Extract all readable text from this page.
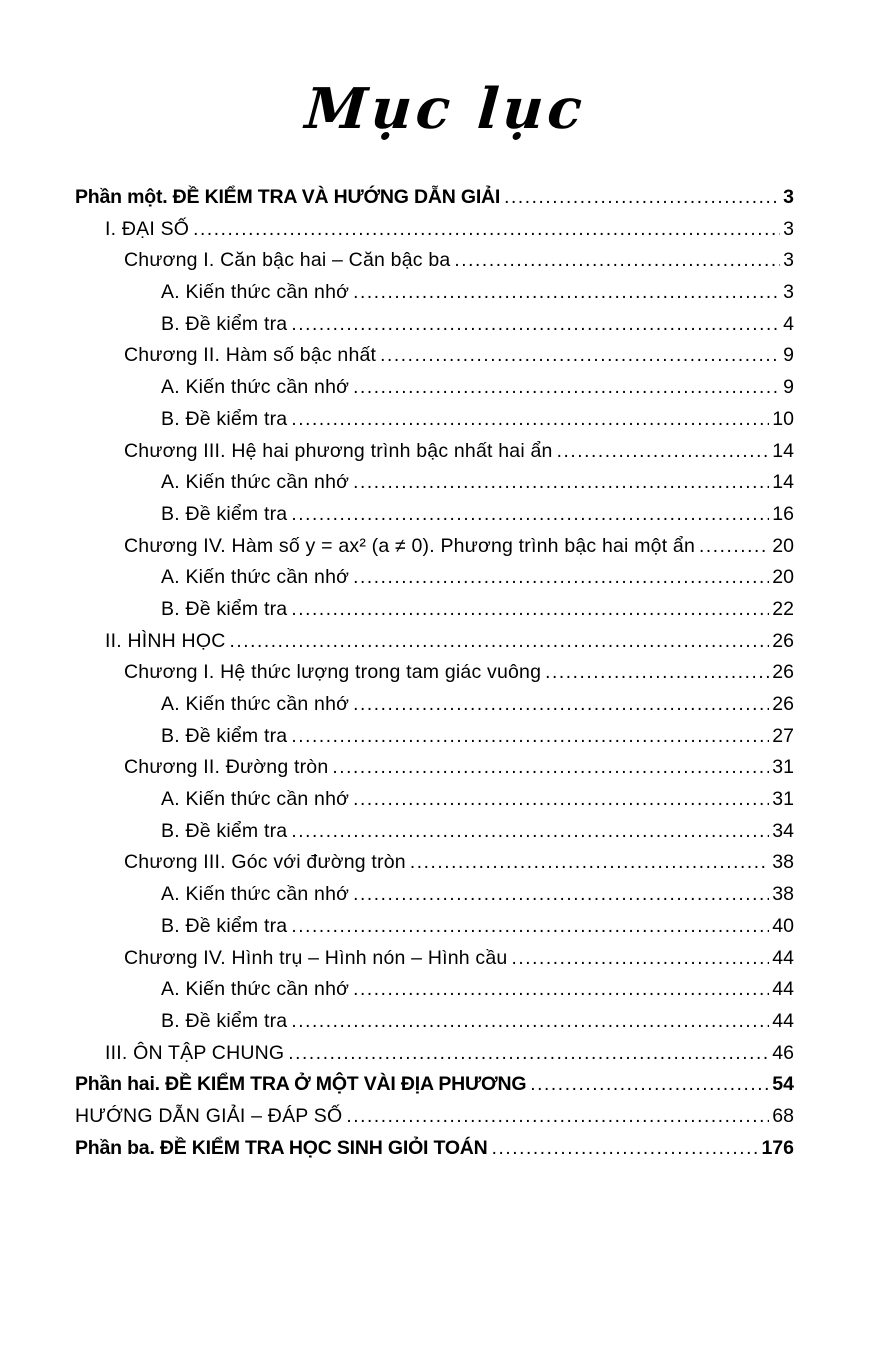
Mục lục
Phần một. ĐỀ KIỂM TRA VÀ HƯỚNG DẪN GIẢI .....	3
I. ĐẠI SỐ .....	3
Chương I. Căn bậc hai – Căn bậc ba .....	3
A. Kiến thức cần nhớ .....	3
B. Đề kiểm tra .....	4
Chương II. Hàm số bậc nhất .....	9
A. Kiến thức cần nhớ .....	9
B. Đề kiểm tra .....	10
Chương III. Hệ hai phương trình bậc nhất hai ẩn .....	14
A. Kiến thức cần nhớ .....	14
B. Đề kiểm tra .....	16
Chương IV. Hàm số y = ax² (a ≠ 0). Phương trình bậc hai một ẩn .....	20
A. Kiến thức cần nhớ .....	20
B. Đề kiểm tra .....	22
II. HÌNH HỌC .....	26
Chương I. Hệ thức lượng trong tam giác vuông .....	26
A. Kiến thức cần nhớ .....	26
B. Đề kiểm tra .....	27
Chương II. Đường tròn .....	31
A. Kiến thức cần nhớ .....	31
B. Đề kiểm tra .....	34
Chương III. Góc với đường tròn .....	38
A. Kiến thức cần nhớ .....	38
B. Đề kiểm tra .....	40
Chương IV. Hình trụ – Hình nón – Hình cầu .....	44
A. Kiến thức cần nhớ .....	44
B. Đề kiểm tra .....	44
III. ÔN TẬP CHUNG .....	46
Phần hai. ĐỀ KIỂM TRA Ở MỘT VÀI ĐỊA PHƯƠNG .....	54
HƯỚNG DẪN GIẢI – ĐÁP SỐ .....	68
Phần ba. ĐỀ KIỂM TRA HỌC SINH GIỎI TOÁN .....	176
